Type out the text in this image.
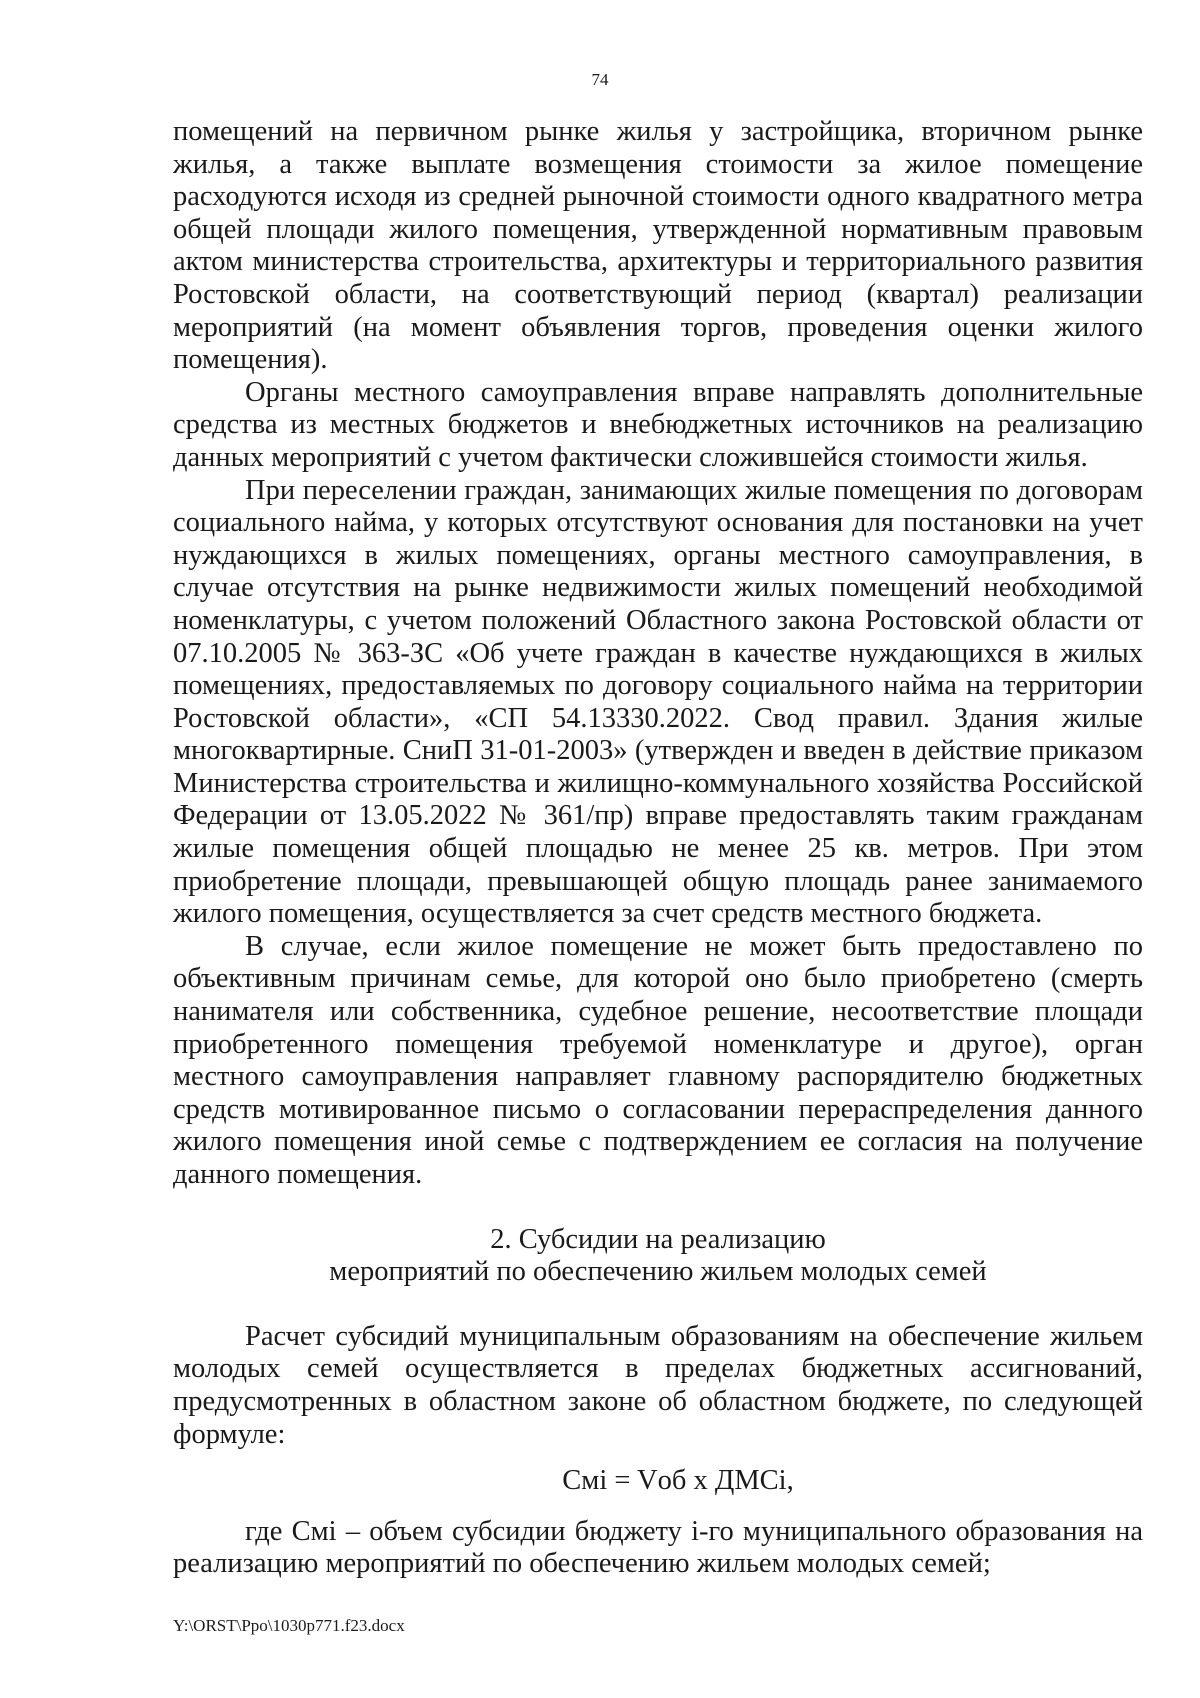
74

помещений на первичном рынке жилья у застройщика, вторичном рынке жилья, а также выплате возмещения стоимости за жилое помещение расходуются исходя из средней рыночной стоимости одного квадратного метра общей площади жилого помещения, утвержденной нормативным правовым актом министерства строительства, архитектуры и территориального развития Ростовской области, на соответствующий период (квартал) реализации мероприятий (на момент объявления торгов, проведения оценки жилого помещения).

Органы местного самоуправления вправе направлять дополнительные средства из местных бюджетов и внебюджетных источников на реализацию данных мероприятий с учетом фактически сложившейся стоимости жилья.

При переселении граждан, занимающих жилые помещения по договорам социального найма, у которых отсутствуют основания для постановки на учет нуждающихся в жилых помещениях, органы местного самоуправления, в случае отсутствия на рынке недвижимости жилых помещений необходимой номенклатуры, с учетом положений Областного закона Ростовской области от 07.10.2005 № 363-ЗС «Об учете граждан в качестве нуждающихся в жилых помещениях, предоставляемых по договору социального найма на территории Ростовской области», «СП 54.13330.2022. Свод правил. Здания жилые многоквартирные. СниП 31-01-2003» (утвержден и введен в действие приказом Министерства строительства и жилищно-коммунального хозяйства Российской Федерации от 13.05.2022 № 361/пр) вправе предоставлять таким гражданам жилые помещения общей площадью не менее 25 кв. метров. При этом приобретение площади, превышающей общую площадь ранее занимаемого жилого помещения, осуществляется за счет средств местного бюджета.

В случае, если жилое помещение не может быть предоставлено по объективным причинам семье, для которой оно было приобретено (смерть нанимателя или собственника, судебное решение, несоответствие площади приобретенного помещения требуемой номенклатуре и другое), орган местного самоуправления направляет главному распорядителю бюджетных средств мотивированное письмо о согласовании перераспределения данного жилого помещения иной семье с подтверждением ее согласия на получение данного помещения.

2. Субсидии на реализацию

мероприятий по обеспечению жильем молодых семей

Расчет субсидий муниципальным образованиям на обеспечение жильем молодых семей осуществляется в пределах бюджетных ассигнований, предусмотренных в областном законе об областном бюджете, по следующей формуле:

Смi = Vоб x ДМСi,

где Смi – объем субсидии бюджету i-го муниципального образования на реализацию мероприятий по обеспечению жильем молодых семей;

Y:\ORST\Ppo\1030p771.f23.docx
